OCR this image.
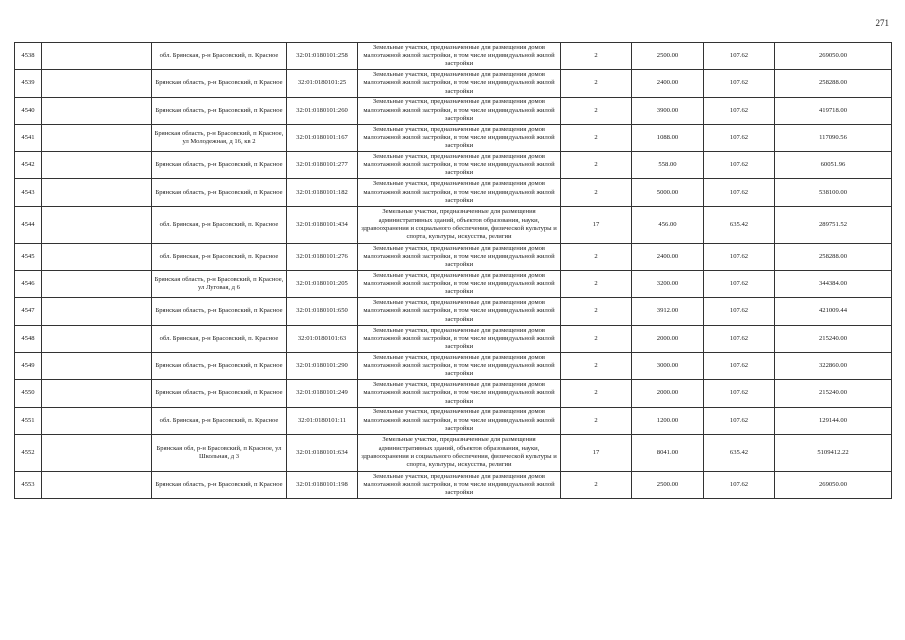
271
4538		обл. Брянская, р-н Брасовский, п. Красное	32:01:0180101:258	Земельные участки, предназначенные для размещения домов малоэтажной жилой застройки, в том числе индивидуальной жилой застройки	2	2500.00	107.62	269050.00
4539		Брянская область, р-н Брасовский, п Красное	32:01:0180101:25	Земельные участки, предназначенные для размещения домов малоэтажной жилой застройки, в том числе индивидуальной жилой застройки	2	2400.00	107.62	258288.00
4540		Брянская область, р-н Брасовский, п Красное	32:01:0180101:260	Земельные участки, предназначенные для размещения домов малоэтажной жилой застройки, в том числе индивидуальной жилой застройки	2	3900.00	107.62	419718.00
4541		Брянская область, р-н Брасовский, п Красное, ул Молодежная, д 16, кв 2	32:01:0180101:167	Земельные участки, предназначенные для размещения домов малоэтажной жилой застройки, в том числе индивидуальной жилой застройки	2	1088.00	107.62	117090.56
4542		Брянская область, р-н Брасовский, п Красное	32:01:0180101:277	Земельные участки, предназначенные для размещения домов малоэтажной жилой застройки, в том числе индивидуальной жилой застройки	2	558.00	107.62	60051.96
4543		Брянская область, р-н Брасовский, п Красное	32:01:0180101:182	Земельные участки, предназначенные для размещения домов малоэтажной жилой застройки, в том числе индивидуальной жилой застройки	2	5000.00	107.62	538100.00
4544		обл. Брянская, р-н Брасовский, п. Красное	32:01:0180101:434	Земельные участки, предназначенные для размещения административных зданий, объектов образования, науки, здравоохранения и социального обеспечения, физической культуры и спорта, культуры, искусства, религии	17	456.00	635.42	289751.52
4545		обл. Брянская, р-н Брасовский, п. Красное	32:01:0180101:276	Земельные участки, предназначенные для размещения домов малоэтажной жилой застройки, в том числе индивидуальной жилой застройки	2	2400.00	107.62	258288.00
4546		Брянская область, р-н Брасовский, п Красное, ул Луговая, д 6	32:01:0180101:205	Земельные участки, предназначенные для размещения домов малоэтажной жилой застройки, в том числе индивидуальной жилой застройки	2	3200.00	107.62	344384.00
4547		Брянская область, р-н Брасовский, п Красное	32:01:0180101:650	Земельные участки, предназначенные для размещения домов малоэтажной жилой застройки, в том числе индивидуальной жилой застройки	2	3912.00	107.62	421009.44
4548		обл. Брянская, р-н Брасовский, п. Красное	32:01:0180101:63	Земельные участки, предназначенные для размещения домов малоэтажной жилой застройки, в том числе индивидуальной жилой застройки	2	2000.00	107.62	215240.00
4549		Брянская область, р-н Брасовский, п Красное	32:01:0180101:290	Земельные участки, предназначенные для размещения домов малоэтажной жилой застройки, в том числе индивидуальной жилой застройки	2	3000.00	107.62	322860.00
4550		Брянская область, р-н Брасовский, п Красное	32:01:0180101:249	Земельные участки, предназначенные для размещения домов малоэтажной жилой застройки, в том числе индивидуальной жилой застройки	2	2000.00	107.62	215240.00
4551		обл. Брянская, р-н Брасовский, п. Красное	32:01:0180101:11	Земельные участки, предназначенные для размещения домов малоэтажной жилой застройки, в том числе индивидуальной жилой застройки	2	1200.00	107.62	129144.00
4552		Брянская обл, р-н Брасовский, п Красное, ул Школьная, д 3	32:01:0180101:634	Земельные участки, предназначенные для размещения административных зданий, объектов образования, науки, здравоохранения и социального обеспечения, физической культуры и спорта, культуры, искусства, религии	17	8041.00	635.42	5109412.22
4553		Брянская область, р-н Брасовский, п Красное	32:01:0180101:198	Земельные участки, предназначенные для размещения домов малоэтажной жилой застройки, в том числе индивидуальной жилой застройки	2	2500.00	107.62	269050.00
